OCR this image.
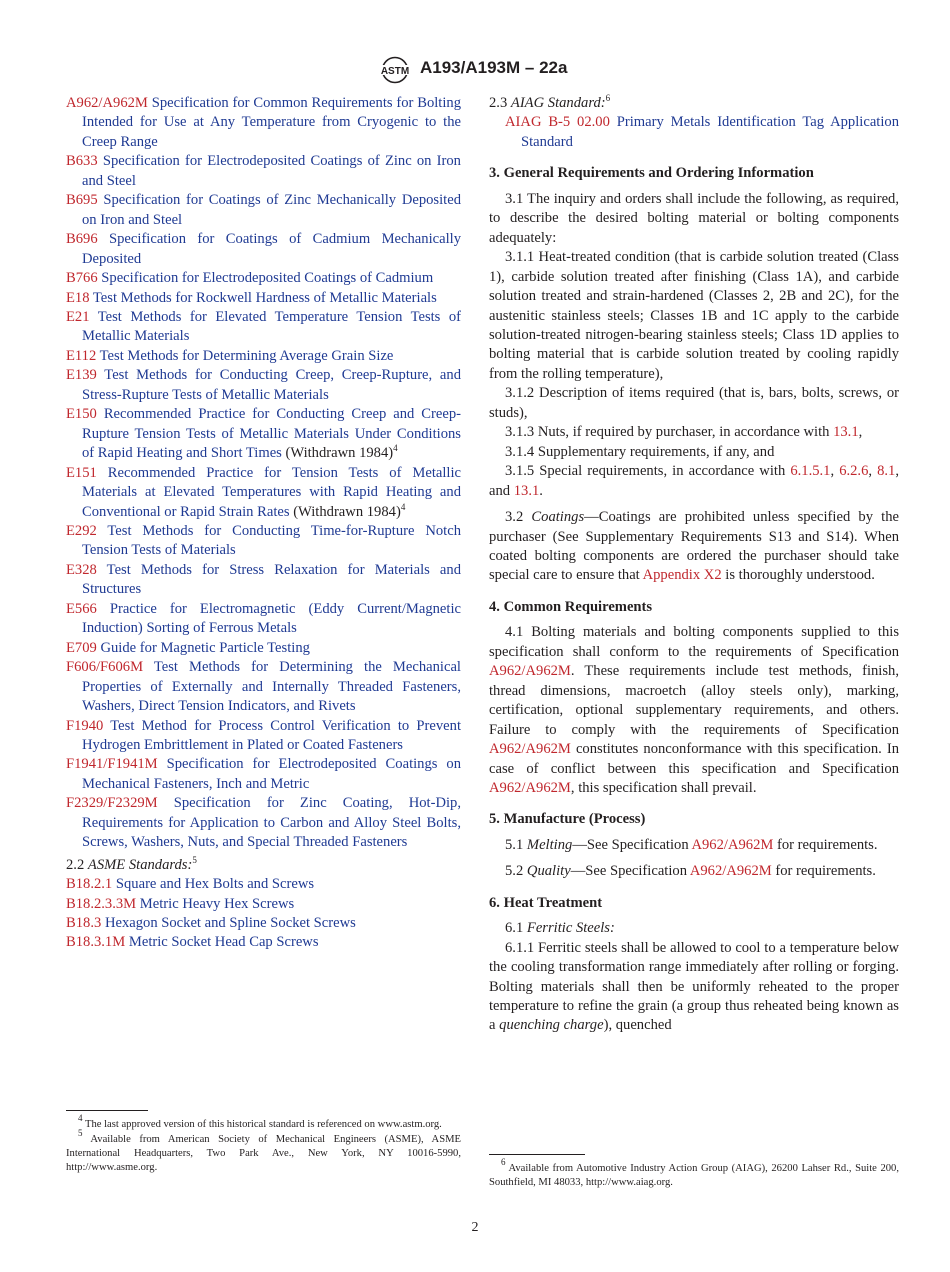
ASTM A193/A193M – 22a

A962/A962M Specification for Common Requirements for Bolting Intended for Use at Any Temperature from Cryogenic to the Creep Range

B633 Specification for Electrodeposited Coatings of Zinc on Iron and Steel

B695 Specification for Coatings of Zinc Mechanically Deposited on Iron and Steel

B696 Specification for Coatings of Cadmium Mechanically Deposited

B766 Specification for Electrodeposited Coatings of Cadmium

E18 Test Methods for Rockwell Hardness of Metallic Materials

E21 Test Methods for Elevated Temperature Tension Tests of Metallic Materials

E112 Test Methods for Determining Average Grain Size

E139 Test Methods for Conducting Creep, Creep-Rupture, and Stress-Rupture Tests of Metallic Materials

E150 Recommended Practice for Conducting Creep and Creep-Rupture Tension Tests of Metallic Materials Under Conditions of Rapid Heating and Short Times (Withdrawn 1984)$^4$

E151 Recommended Practice for Tension Tests of Metallic Materials at Elevated Temperatures with Rapid Heating and Conventional or Rapid Strain Rates (Withdrawn 1984)$^4$

E292 Test Methods for Conducting Time-for-Rupture Notch Tension Tests of Materials

E328 Test Methods for Stress Relaxation for Materials and Structures

E566 Practice for Electromagnetic (Eddy Current/Magnetic Induction) Sorting of Ferrous Metals

E709 Guide for Magnetic Particle Testing

F606/F606M Test Methods for Determining the Mechanical Properties of Externally and Internally Threaded Fasteners, Washers, Direct Tension Indicators, and Rivets

F1940 Test Method for Process Control Verification to Prevent Hydrogen Embrittlement in Plated or Coated Fasteners

F1941/F1941M Specification for Electrodeposited Coatings on Mechanical Fasteners, Inch and Metric

F2329/F2329M Specification for Zinc Coating, Hot-Dip, Requirements for Application to Carbon and Alloy Steel Bolts, Screws, Washers, Nuts, and Special Threaded Fasteners

2.2 ASME Standards:$^5$

B18.2.1 Square and Hex Bolts and Screws

B18.2.3.3M Metric Heavy Hex Screws

B18.3 Hexagon Socket and Spline Socket Screws

B18.3.1M Metric Socket Head Cap Screws

2.3 AIAG Standard:$^6$

AIAG B-5 02.00 Primary Metals Identification Tag Application Standard

3. General Requirements and Ordering Information

3.1 The inquiry and orders shall include the following, as required, to describe the desired bolting material or bolting components adequately:

3.1.1 Heat-treated condition (that is carbide solution treated (Class 1), carbide solution treated after finishing (Class 1A), and carbide solution treated and strain-hardened (Classes 2, 2B and 2C), for the austenitic stainless steels; Classes 1B and 1C apply to the carbide solution-treated nitrogen-bearing stainless steels; Class 1D applies to bolting material that is carbide solution treated by cooling rapidly from the rolling temperature),

3.1.2 Description of items required (that is, bars, bolts, screws, or studs),

3.1.3 Nuts, if required by purchaser, in accordance with 13.1,

3.1.4 Supplementary requirements, if any, and

3.1.5 Special requirements, in accordance with 6.1.5.1, 6.2.6, 8.1, and 13.1.

3.2 Coatings—Coatings are prohibited unless specified by the purchaser (See Supplementary Requirements S13 and S14). When coated bolting components are ordered the purchaser should take special care to ensure that Appendix X2 is thoroughly understood.

4. Common Requirements

4.1 Bolting materials and bolting components supplied to this specification shall conform to the requirements of Specification A962/A962M. These requirements include test methods, finish, thread dimensions, macroetch (alloy steels only), marking, certification, optional supplementary requirements, and others. Failure to comply with the requirements of Specification A962/A962M constitutes nonconformance with this specification. In case of conflict between this specification and Specification A962/A962M, this specification shall prevail.

5. Manufacture (Process)

5.1 Melting—See Specification A962/A962M for requirements.

5.2 Quality—See Specification A962/A962M for requirements.

6. Heat Treatment

6.1 Ferritic Steels:

6.1.1 Ferritic steels shall be allowed to cool to a temperature below the cooling transformation range immediately after rolling or forging. Bolting materials shall then be uniformly reheated to the proper temperature to refine the grain (a group thus reheated being known as a quenching charge), quenched

$^4$ The last approved version of this historical standard is referenced on www.astm.org.

$^5$ Available from American Society of Mechanical Engineers (ASME), ASME International Headquarters, Two Park Ave., New York, NY 10016-5990, http://www.asme.org.	$^6$ Available from Automotive Industry Action Group (AIAG), 26200 Lahser Rd., Suite 200, Southfield, MI 48033, http://www.aiag.org.

2
